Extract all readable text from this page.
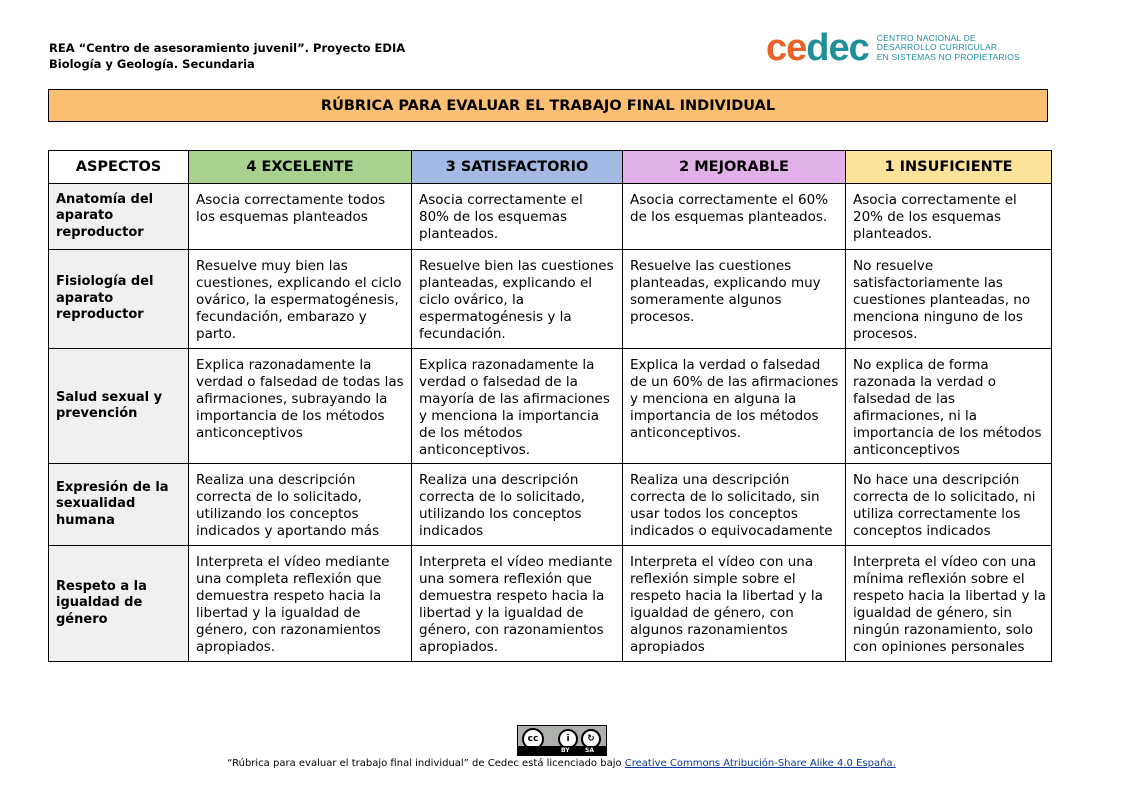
REA “Centro de asesoramiento juvenil”. Proyecto EDIA
Biología y Geología. Secundaria	cedec CENTRO NACIONAL DE
DESARROLLO CURRICULAR
EN SISTEMAS NO PROPIETARIOS
RÚBRICA PARA EVALUAR EL TRABAJO FINAL INDIVIDUAL
ASPECTOS	4 EXCELENTE	3 SATISFACTORIO	2 MEJORABLE	1 INSUFICIENTE
Anatomía del aparato reproductor	Asocia correctamente todos los esquemas planteados	Asocia correctamente el 80% de los esquemas planteados.	Asocia correctamente el 60% de los esquemas planteados.	Asocia correctamente el 20% de los esquemas planteados.
Fisiología del aparato reproductor	Resuelve muy bien las cuestiones, explicando el ciclo ovárico, la espermatogénesis, fecundación, embarazo y parto.	Resuelve bien las cuestiones planteadas, explicando el ciclo ovárico, la espermatogénesis y la fecundación.	Resuelve las cuestiones planteadas, explicando muy someramente algunos procesos.	No resuelve satisfactoriamente las cuestiones planteadas, no menciona ninguno de los procesos.
Salud sexual y prevención	Explica razonadamente la verdad o falsedad de todas las afirmaciones, subrayando la importancia de los métodos anticonceptivos	Explica razonadamente la verdad o falsedad de la mayoría de las afirmaciones y menciona la importancia de los métodos anticonceptivos.	Explica la verdad o falsedad de un 60% de las afirmaciones y menciona en alguna la importancia de los métodos anticonceptivos.	No explica de forma razonada la verdad o falsedad de las afirmaciones, ni la importancia de los métodos anticonceptivos
Expresión de la sexualidad humana	Realiza una descripción correcta de lo solicitado, utilizando los conceptos indicados y aportando más	Realiza una descripción correcta de lo solicitado, utilizando los conceptos indicados	Realiza una descripción correcta de lo solicitado, sin usar todos los conceptos indicados o equivocadamente	No hace una descripción correcta de lo solicitado, ni utiliza correctamente los conceptos indicados
Respeto a la igualdad de género	Interpreta el vídeo mediante una completa reflexión que demuestra respeto hacia la libertad y la igualdad de género, con razonamientos apropiados.	Interpreta el vídeo mediante una somera reflexión que demuestra respeto hacia la libertad y la igualdad de género, con razonamientos apropiados.	Interpreta el vídeo con una reflexión simple sobre el respeto hacia la libertad y la igualdad de género, con algunos razonamientos apropiados	Interpreta el vídeo con una mínima reflexión sobre el respeto hacia la libertad y la igualdad de género, sin ningún razonamiento, solo con opiniones personales
cc	i	↻
BY	SA
“Rúbrica para evaluar el trabajo final individual” de Cedec está licenciado bajo Creative Commons Atribución-Share Alike 4.0 España.
